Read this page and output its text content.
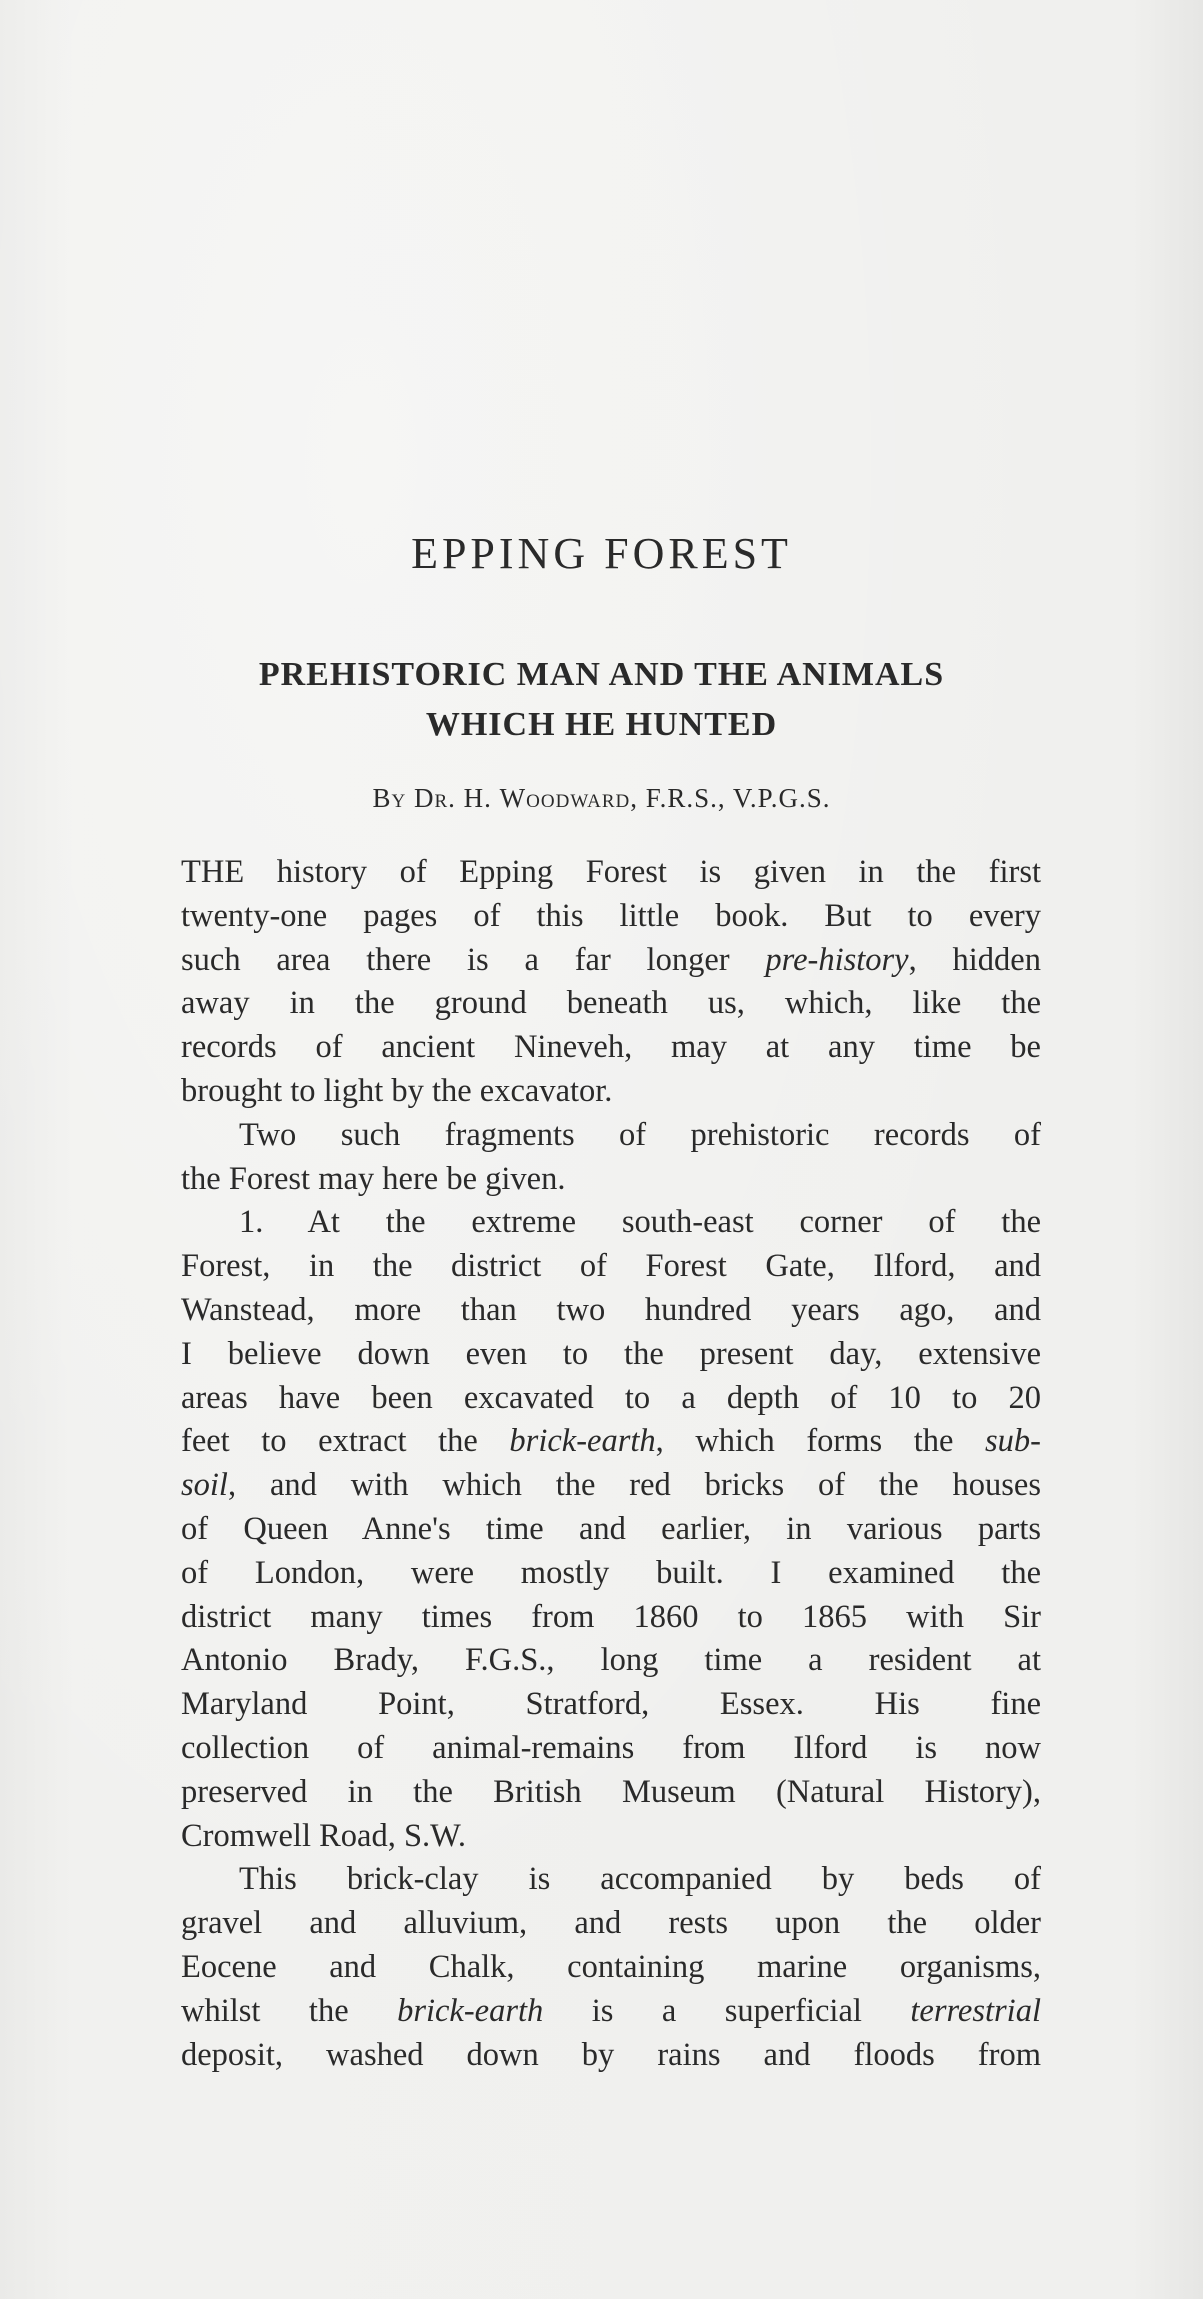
EPPING FOREST
PREHISTORIC MAN AND THE ANIMALS
WHICH HE HUNTED

By Dr. H. Woodward, F.R.S., V.P.G.S.

THE history of Epping Forest is given in the first
twenty-one pages of this little book. But to every
such area there is a far longer pre-history, hidden
away in the ground beneath us, which, like the
records of ancient Nineveh, may at any time be
brought to light by the excavator.
Two such fragments of prehistoric records of
the Forest may here be given.
1. At the extreme south-east corner of the
Forest, in the district of Forest Gate, Ilford, and
Wanstead, more than two hundred years ago, and
I believe down even to the present day, extensive
areas have been excavated to a depth of 10 to 20
feet to extract the brick-earth, which forms the sub-
soil, and with which the red bricks of the houses
of Queen Anne's time and earlier, in various parts
of London, were mostly built. I examined the
district many times from 1860 to 1865 with Sir
Antonio Brady, F.G.S., long time a resident at
Maryland Point, Stratford, Essex. His fine
collection of animal-remains from Ilford is now
preserved in the British Museum (Natural History),
Cromwell Road, S.W.
This brick-clay is accompanied by beds of
gravel and alluvium, and rests upon the older
Eocene and Chalk, containing marine organisms,
whilst the brick-earth is a superficial terrestrial
deposit, washed down by rains and floods from
